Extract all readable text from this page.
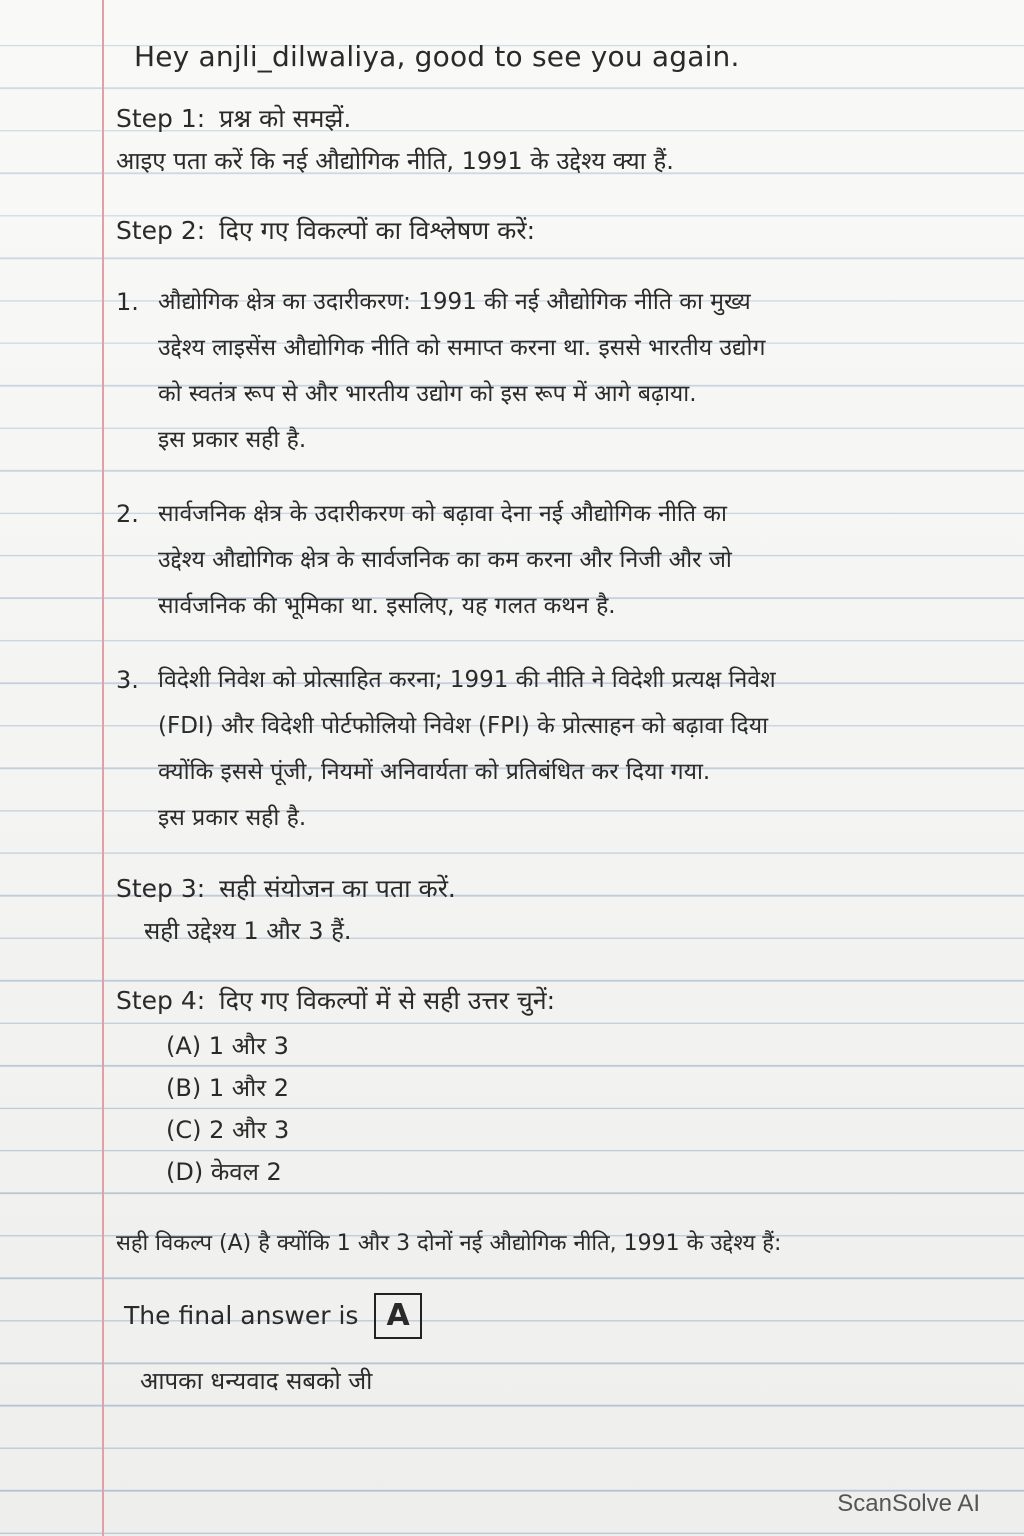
Hey anjli_dilwaliya, good to see you again.

Step 1: प्रश्न को समझें.

आइए पता करें कि नई औद्योगिक नीति, 1991 के उद्देश्य क्या हैं.

Step 2: दिए गए विकल्पों का विश्लेषण करें:

1. औद्योगिक क्षेत्र का उदारीकरण: 1991 की नई औद्योगिक नीति का मुख्य
उद्देश्य लाइसेंस औद्योगिक नीति को समाप्त करना था. इससे भारतीय उद्योग
को स्वतंत्र रूप से और भारतीय उद्योग को इस रूप में आगे बढ़ाया.
इस प्रकार सही है.
2. सार्वजनिक क्षेत्र के उदारीकरण को बढ़ावा देना नई औद्योगिक नीति का
उद्देश्य औद्योगिक क्षेत्र के सार्वजनिक का कम करना और निजी और जो
सार्वजनिक की भूमिका था. इसलिए, यह गलत कथन है.
3. विदेशी निवेश को प्रोत्साहित करना; 1991 की नीति ने विदेशी प्रत्यक्ष निवेश
(FDI) और विदेशी पोर्टफोलियो निवेश (FPI) के प्रोत्साहन को बढ़ावा दिया
क्योंकि इससे पूंजी, नियमों अनिवार्यता को प्रतिबंधित कर दिया गया.
इस प्रकार सही है.

Step 3: सही संयोजन का पता करें.

सही उद्देश्य 1 और 3 हैं.

Step 4: दिए गए विकल्पों में से सही उत्तर चुनें:

(A) 1 और 3
(B) 1 और 2
(C) 2 और 3
(D) केवल 2
सही विकल्प (A) है क्योंकि 1 और 3 दोनों नई औद्योगिक नीति, 1991 के उद्देश्य हैं:
The final answer is A
आपका धन्यवाद सबको जी
ScanSolve AI
